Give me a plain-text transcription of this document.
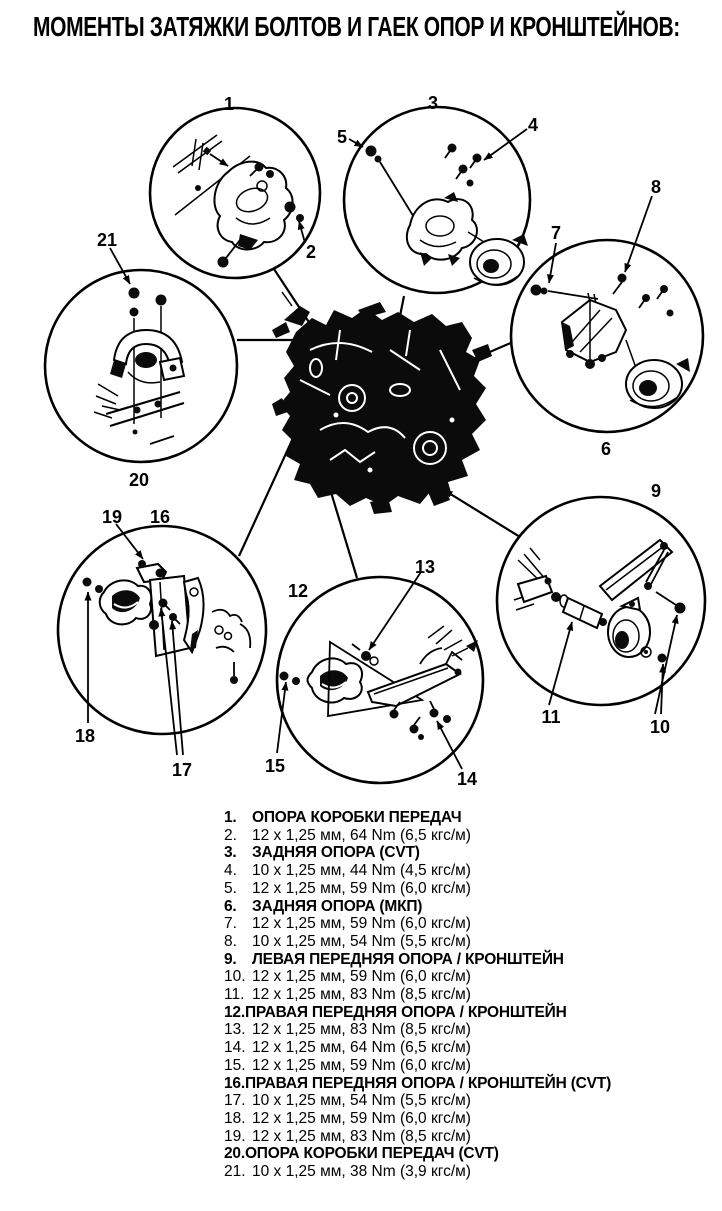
МОМЕНТЫ ЗАТЯЖКИ БОЛТОВ И ГАЕК ОПОР И КРОНШТЕЙНОВ:
1
2
3
4
5
6
7
8
20
21
19 16
18
17
12
13
15
14
9
11	10
1. ОПОРА КОРОБКИ ПЕРЕДАЧ
2. 12 x 1,25 мм, 64 Nm (6,5 кгс/м)
3. ЗАДНЯЯ ОПОРА (CVT)
4. 10 x 1,25 мм, 44 Nm (4,5 кгс/м)
5. 12 x 1,25 мм, 59 Nm (6,0 кгс/м)
6. ЗАДНЯЯ ОПОРА (МКП)
7. 12 x 1,25 мм, 59 Nm (6,0 кгс/м)
8. 10 x 1,25 мм, 54 Nm (5,5 кгс/м)
9. ЛЕВАЯ ПЕРЕДНЯЯ ОПОРА / КРОНШТЕЙН
10. 12 x 1,25 мм, 59 Nm (6,0 кгс/м)
11. 12 x 1,25 мм, 83 Nm (8,5 кгс/м)
12. ПРАВАЯ ПЕРЕДНЯЯ ОПОРА / КРОНШТЕЙН
13. 12 x 1,25 мм, 83 Nm (8,5 кгс/м)
14. 12 x 1,25 мм, 64 Nm (6,5 кгс/м)
15. 12 x 1,25 мм, 59 Nm (6,0 кгс/м)
16. ПРАВАЯ ПЕРЕДНЯЯ ОПОРА / КРОНШТЕЙН (CVT)
17. 10 x 1,25 мм, 54 Nm (5,5 кгс/м)
18. 12 x 1,25 мм, 59 Nm (6,0 кгс/м)
19. 12 x 1,25 мм, 83 Nm (8,5 кгс/м)
20. ОПОРА КОРОБКИ ПЕРЕДАЧ (CVT)
21. 10 x 1,25 мм, 38 Nm (3,9 кгс/м)
